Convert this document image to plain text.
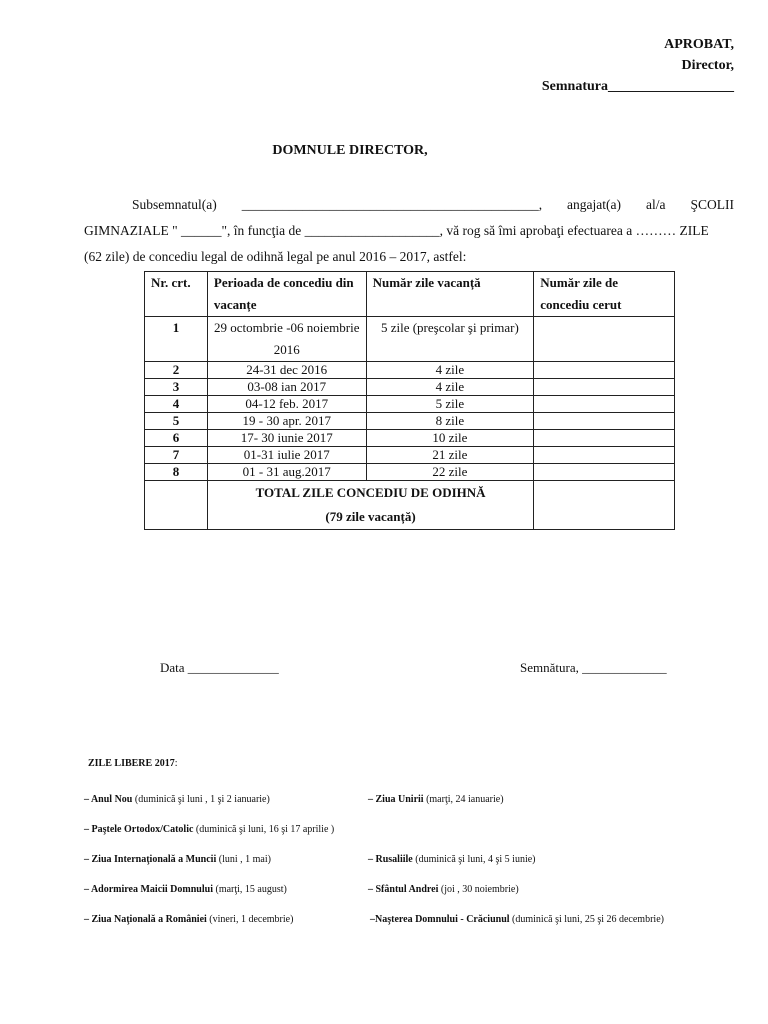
APROBAT,
Director,
Semnatura__________________
DOMNULE DIRECTOR,
Subsemnatul(a) ____________________________________________, angajat(a) al/a ŞCOLII
GIMNAZIALE " ______", în funcţia de ____________________, vă rog să îmi aprobaţi efectuarea a ……… ZILE
(62 zile) de concediu legal de odihnă legal pe anul 2016 – 2017, astfel:
Nr. crt.	Perioada de concediu din vacanțe	Număr zile vacanță	Număr zile de concediu cerut
1	29 octombrie -06 noiembrie 2016	5 zile (preşcolar şi primar)	
2	24-31 dec 2016	4 zile	
3	03-08 ian 2017	4 zile	
4	04-12 feb. 2017	5 zile	
5	19 - 30 apr. 2017	8 zile	
6	17- 30 iunie 2017	10 zile	
7	01-31 iulie 2017	21 zile	
8	01 - 31 aug.2017	22 zile	

	TOTAL ZILE CONCEDIU DE ODIHNĂ
(79 zile vacanță)		

Data ______________	Semnătura, _____________
ZILE LIBERE 2017:
– Anul Nou (duminică şi luni , 1 şi 2 ianuarie)	– Ziua Unirii (marţi, 24 ianuarie)
– Paştele Ortodox/Catolic (duminică şi luni, 16 şi 17 aprilie )
– Ziua Internaţională a Muncii (luni , 1 mai)	– Rusaliile (duminică şi luni, 4 şi 5 iunie)
– Adormirea Maicii Domnului (marţi, 15 august)	– Sfântul Andrei (joi , 30 noiembrie)
– Ziua Naţională a României (vineri, 1 decembrie)	–Naşterea Domnului - Crăciunul (duminică şi luni, 25 şi 26 decembrie)
